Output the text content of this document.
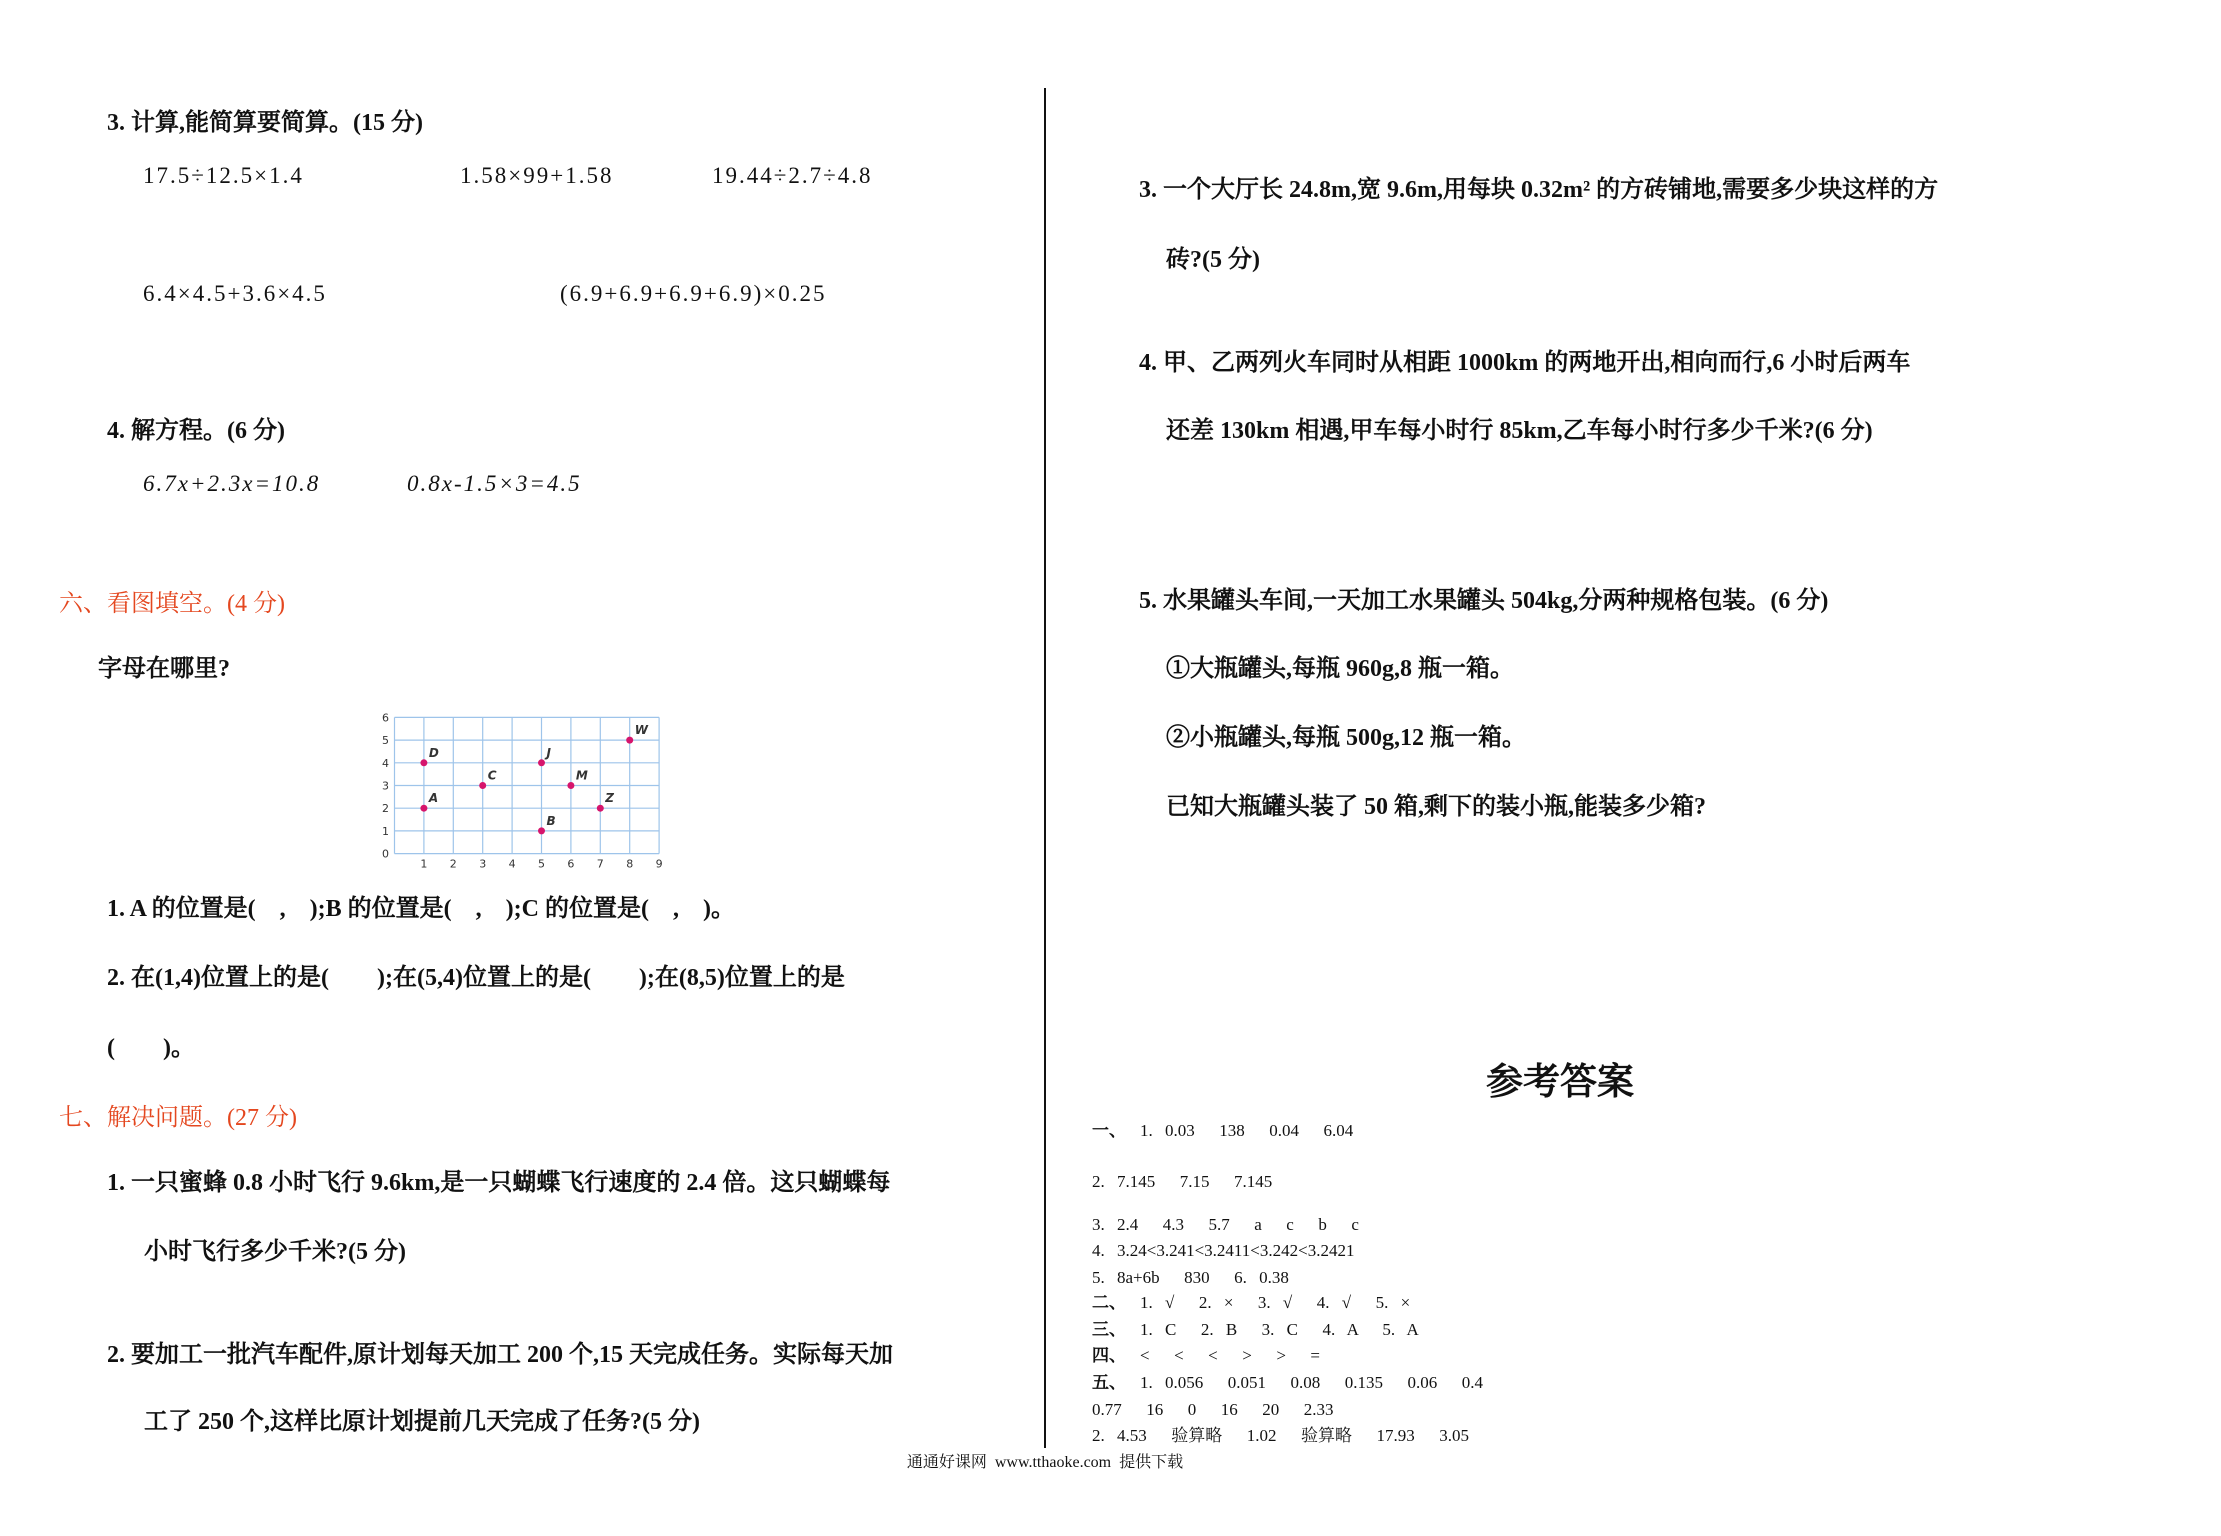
3. 计算,能简算要简算。(15 分)
17.5÷12.5×1.4	1.58×99+1.58	19.44÷2.7÷4.8
6.4×4.5+3.6×4.5	(6.9+6.9+6.9+6.9)×0.25
4. 解方程。(6 分)
6.7x+2.3x=10.8	0.8x-1.5×3=4.5
六、看图填空。(4 分)
字母在哪里?
1 2 3 4 5 6 7 8 9
0
1
2
3
4
5
6
D
A
C
J
M
B
Z
W
1. A 的位置是(　,　);B 的位置是(　,　);C 的位置是(　,　)。
2. 在(1,4)位置上的是(　　);在(5,4)位置上的是(　　);在(8,5)位置上的是
(　　)。
七、解决问题。(27 分)
1. 一只蜜蜂 0.8 小时飞行 9.6km,是一只蝴蝶飞行速度的 2.4 倍。这只蝴蝶每
小时飞行多少千米?(5 分)
2. 要加工一批汽车配件,原计划每天加工 200 个,15 天完成任务。实际每天加
工了 250 个,这样比原计划提前几天完成了任务?(5 分)
3. 一个大厅长 24.8m,宽 9.6m,用每块 0.32m² 的方砖铺地,需要多少块这样的方
砖?(5 分)
4. 甲、乙两列火车同时从相距 1000km 的两地开出,相向而行,6 小时后两车
还差 130km 相遇,甲车每小时行 85km,乙车每小时行多少千米?(6 分)
5. 水果罐头车间,一天加工水果罐头 504kg,分两种规格包装。(6 分)
①大瓶罐头,每瓶 960g,8 瓶一箱。
②小瓶罐头,每瓶 500g,12 瓶一箱。
已知大瓶罐头装了 50 箱,剩下的装小瓶,能装多少箱?
参考答案
一、 1. 0.03  138  0.04  6.04
2. 7.145  7.15  7.145
3. 2.4  4.3  5.7  a  c  b  c
4. 3.24<3.241<3.2411<3.242<3.2421
5. 8a+6b  830  6. 0.38
二、 1. √  2. ×  3. √  4. √  5. ×
三、 1. C  2. B  3. C  4. A  5. A
四、 <  <  <  >  >  =
五、 1. 0.056  0.051  0.08  0.135  0.06  0.4
0.77  16  0  16  20  2.33
2. 4.53  验算略  1.02  验算略  17.93  3.05
通通好课网  www.tthaoke.com  提供下载
